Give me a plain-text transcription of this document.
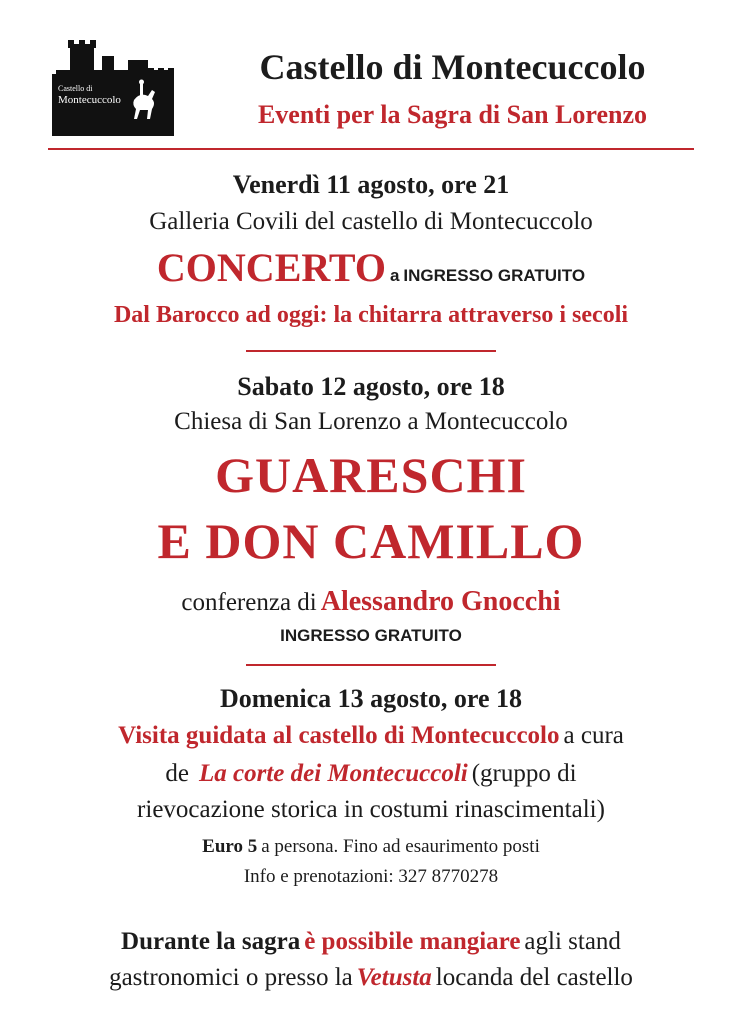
Castello di
Montecuccolo
Castello di Montecuccolo
Eventi per la Sagra di San Lorenzo
Venerdì 11 agosto, ore 21
Galleria Covili del castello di Montecuccolo
CONCERTO a INGRESSO GRATUITO
Dal Barocco ad oggi: la chitarra attraverso i secoli
Sabato 12 agosto, ore 18
Chiesa di San Lorenzo a Montecuccolo
GUARESCHI
E DON CAMILLO
conferenza di Alessandro Gnocchi
INGRESSO GRATUITO
Domenica 13 agosto, ore 18
Visita guidata al castello di Montecuccolo a cura
de La corte dei Montecuccoli (gruppo di
rievocazione storica in costumi rinascimentali)
Euro 5 a persona. Fino ad esaurimento posti
Info e prenotazioni: 327 8770278
Durante la sagra è possibile mangiare agli stand
gastronomici o presso la Vetusta locanda del castello
